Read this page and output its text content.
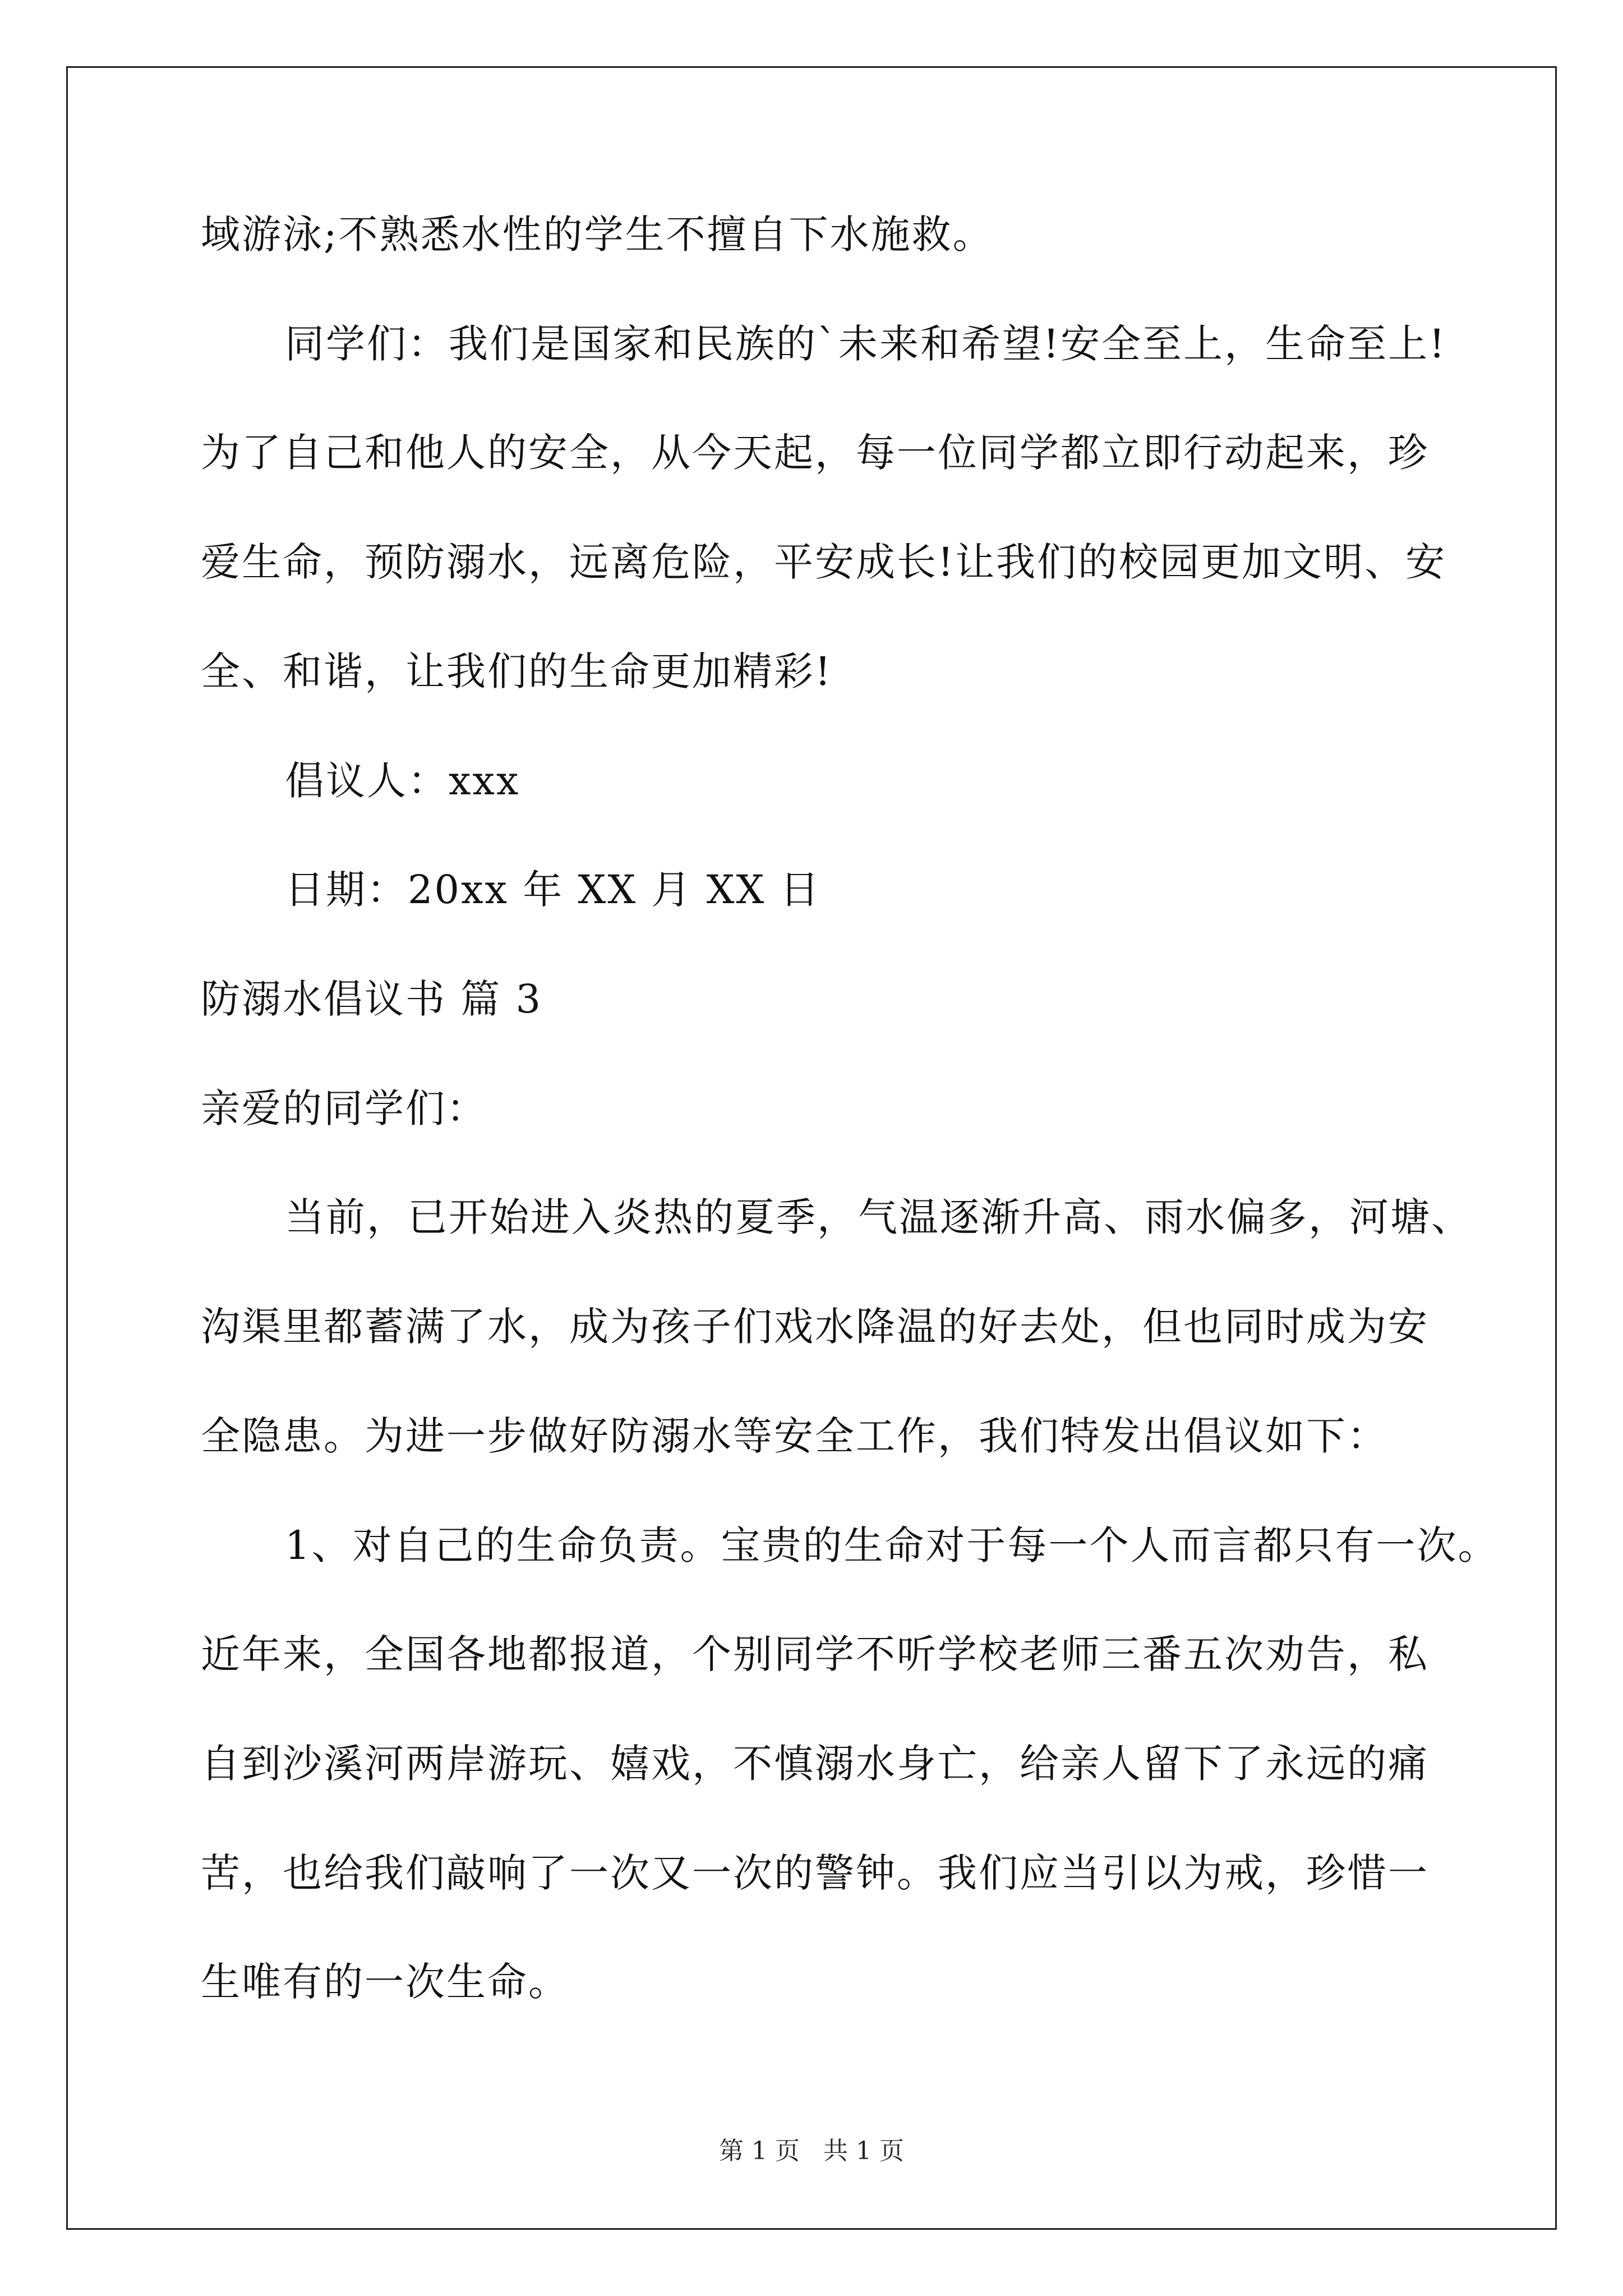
域游泳;不熟悉水性的学生不擅自下水施救。
同学们：我们是国家和民族的`未来和希望!安全至上，生命至上!
为了自己和他人的安全，从今天起，每一位同学都立即行动起来，珍
爱生命，预防溺水，远离危险，平安成长!让我们的校园更加文明、安
全、和谐，让我们的生命更加精彩!
倡议人：xxx
日期：20xx 年 XX 月 XX 日
防溺水倡议书 篇 3
亲爱的同学们：
当前，已开始进入炎热的夏季，气温逐渐升高、雨水偏多，河塘、
沟渠里都蓄满了水，成为孩子们戏水降温的好去处，但也同时成为安
全隐患。为进一步做好防溺水等安全工作，我们特发出倡议如下：
1、对自己的生命负责。宝贵的生命对于每一个人而言都只有一次。
近年来，全国各地都报道，个别同学不听学校老师三番五次劝告，私
自到沙溪河两岸游玩、嬉戏，不慎溺水身亡，给亲人留下了永远的痛
苦，也给我们敲响了一次又一次的警钟。我们应当引以为戒，珍惜一
生唯有的一次生命。
第 1 页 共 1 页
